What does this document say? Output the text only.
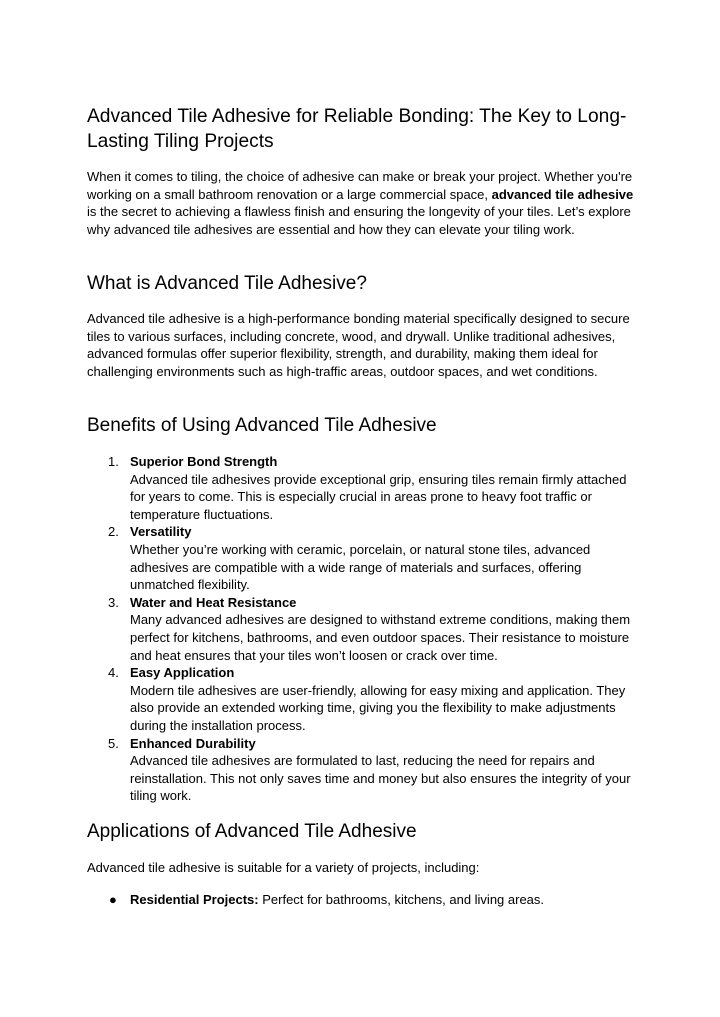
Advanced Tile Adhesive for Reliable Bonding: The Key to Long-Lasting Tiling Projects

When it comes to tiling, the choice of adhesive can make or break your project. Whether you're working on a small bathroom renovation or a large commercial space, advanced tile adhesive is the secret to achieving a flawless finish and ensuring the longevity of your tiles. Let’s explore why advanced tile adhesives are essential and how they can elevate your tiling work.

What is Advanced Tile Adhesive?

Advanced tile adhesive is a high-performance bonding material specifically designed to secure tiles to various surfaces, including concrete, wood, and drywall. Unlike traditional adhesives, advanced formulas offer superior flexibility, strength, and durability, making them ideal for challenging environments such as high-traffic areas, outdoor spaces, and wet conditions.

Benefits of Using Advanced Tile Adhesive
1. Superior Bond Strength
Advanced tile adhesives provide exceptional grip, ensuring tiles remain firmly attached for years to come. This is especially crucial in areas prone to heavy foot traffic or temperature fluctuations.
2. Versatility
Whether you’re working with ceramic, porcelain, or natural stone tiles, advanced adhesives are compatible with a wide range of materials and surfaces, offering unmatched flexibility.
3. Water and Heat Resistance
Many advanced adhesives are designed to withstand extreme conditions, making them perfect for kitchens, bathrooms, and even outdoor spaces. Their resistance to moisture and heat ensures that your tiles won’t loosen or crack over time.
4. Easy Application
Modern tile adhesives are user-friendly, allowing for easy mixing and application. They also provide an extended working time, giving you the flexibility to make adjustments during the installation process.
5. Enhanced Durability
Advanced tile adhesives are formulated to last, reducing the need for repairs and reinstallation. This not only saves time and money but also ensures the integrity of your tiling work.
Applications of Advanced Tile Adhesive

Advanced tile adhesive is suitable for a variety of projects, including:

● Residential Projects: Perfect for bathrooms, kitchens, and living areas.
